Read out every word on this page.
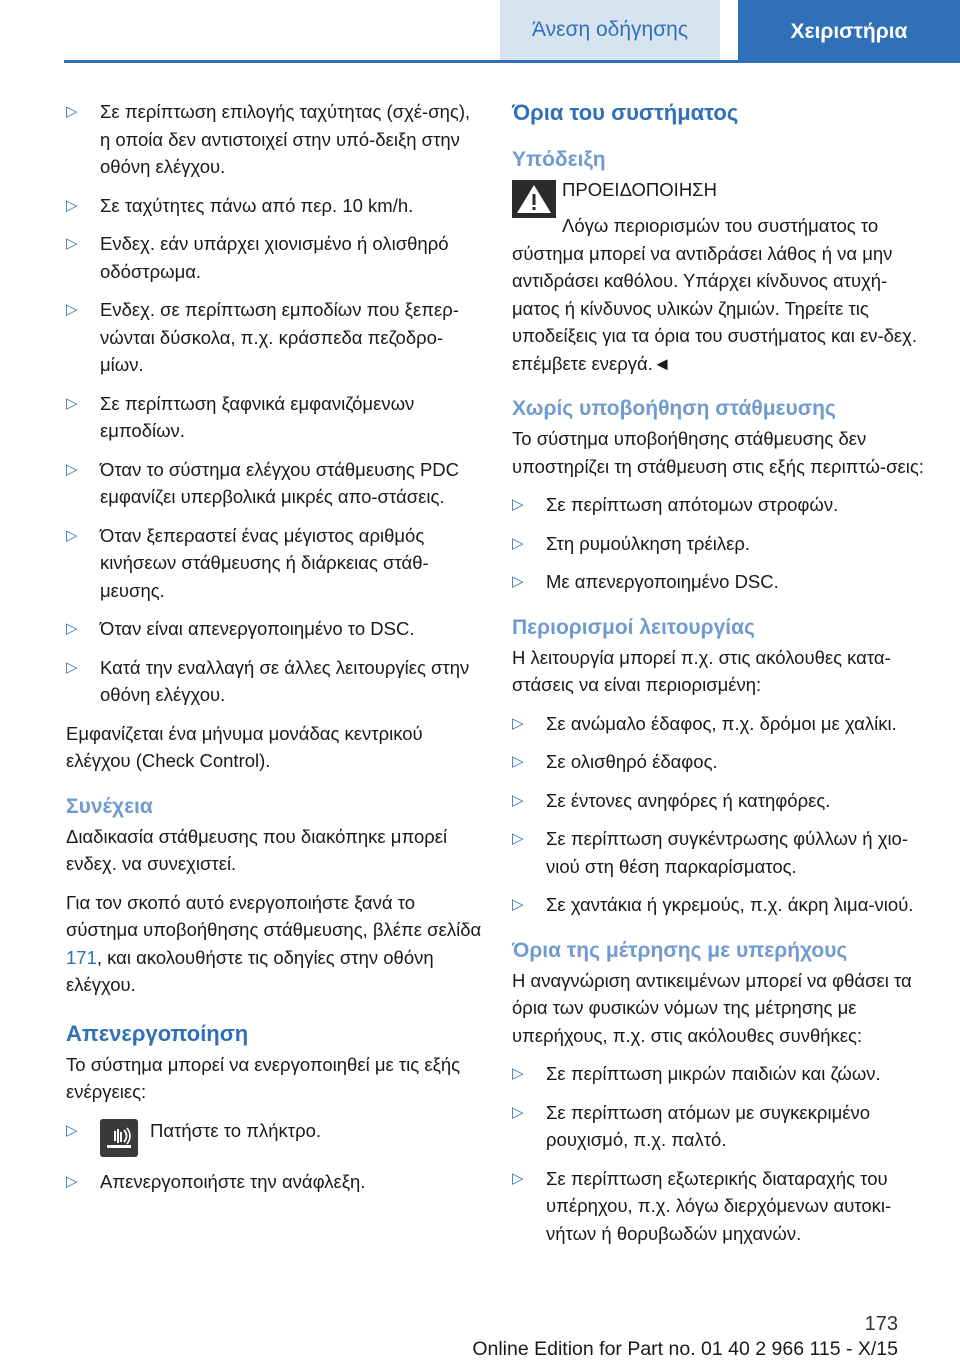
Άνεση οδήγησης	Χειριστήρια
▷ Σε περίπτωση επιλογής ταχύτητας (σχέ-σης), η οποία δεν αντιστοιχεί στην υπό-δειξη στην οθόνη ελέγχου.
▷ Σε ταχύτητες πάνω από περ. 10 km/h.
▷ Ενδεχ. εάν υπάρχει χιονισμένο ή ολισθηρό οδόστρωμα.
▷ Ενδεχ. σε περίπτωση εμποδίων που ξεπερ-νώνται δύσκολα, π.χ. κράσπεδα πεζοδρο-μίων.
▷ Σε περίπτωση ξαφνικά εμφανιζόμενων εμποδίων.
▷ Όταν το σύστημα ελέγχου στάθμευσης PDC εμφανίζει υπερβολικά μικρές απο-στάσεις.
▷ Όταν ξεπεραστεί ένας μέγιστος αριθμός κινήσεων στάθμευσης ή διάρκειας στάθ-μευσης.
▷ Όταν είναι απενεργοποιημένο το DSC.
▷ Κατά την εναλλαγή σε άλλες λειτουργίες στην οθόνη ελέγχου.

Εμφανίζεται ένα μήνυμα μονάδας κεντρικού ελέγχου (Check Control).

Συνέχεια

Διαδικασία στάθμευσης που διακόπηκε μπορεί ενδεχ. να συνεχιστεί.

Για τον σκοπό αυτό ενεργοποιήστε ξανά το σύστημα υποβοήθησης στάθμευσης, βλέπε σελίδα 171, και ακολουθήστε τις οδηγίες στην οθόνη ελέγχου.

Απενεργοποίηση

Το σύστημα μπορεί να ενεργοποιηθεί με τις εξής ενέργειες:

▷	Πατήστε το πλήκτρο.
▷ Απενεργοποιήστε την ανάφλεξη.
Όρια του συστήματος
Υπόδειξη
ΠΡΟΕΙΔΟΠΟΙΗΣΗ

Λόγω περιορισμών του συστήματος το σύστημα μπορεί να αντιδράσει λάθος ή να μην αντιδράσει καθόλου. Υπάρχει κίνδυνος ατυχή-ματος ή κίνδυνος υλικών ζημιών. Τηρείτε τις υποδείξεις για τα όρια του συστήματος και εν-δεχ. επέμβετε ενεργά.◄

Χωρίς υποβοήθηση στάθμευσης

Το σύστημα υποβοήθησης στάθμευσης δεν υποστηρίζει τη στάθμευση στις εξής περιπτώ-σεις:

▷ Σε περίπτωση απότομων στροφών.
▷ Στη ρυμούλκηση τρέιλερ.
▷ Με απενεργοποιημένο DSC.
Περιορισμοί λειτουργίας

Η λειτουργία μπορεί π.χ. στις ακόλουθες κατα-στάσεις να είναι περιορισμένη:

▷ Σε ανώμαλο έδαφος, π.χ. δρόμοι με χαλίκι.
▷ Σε ολισθηρό έδαφος.
▷ Σε έντονες ανηφόρες ή κατηφόρες.
▷ Σε περίπτωση συγκέντρωσης φύλλων ή χιο-νιού στη θέση παρκαρίσματος.
▷ Σε χαντάκια ή γκρεμούς, π.χ. άκρη λιμα-νιού.
Όρια της μέτρησης με υπερήχους

Η αναγνώριση αντικειμένων μπορεί να φθάσει τα όρια των φυσικών νόμων της μέτρησης με υπερήχους, π.χ. στις ακόλουθες συνθήκες:

▷ Σε περίπτωση μικρών παιδιών και ζώων.
▷ Σε περίπτωση ατόμων με συγκεκριμένο ρουχισμό, π.χ. παλτό.
▷ Σε περίπτωση εξωτερικής διαταραχής του υπέρηχου, π.χ. λόγω διερχόμενων αυτοκι-νήτων ή θορυβωδών μηχανών.
173
Online Edition for Part no. 01 40 2 966 115 - X/15
